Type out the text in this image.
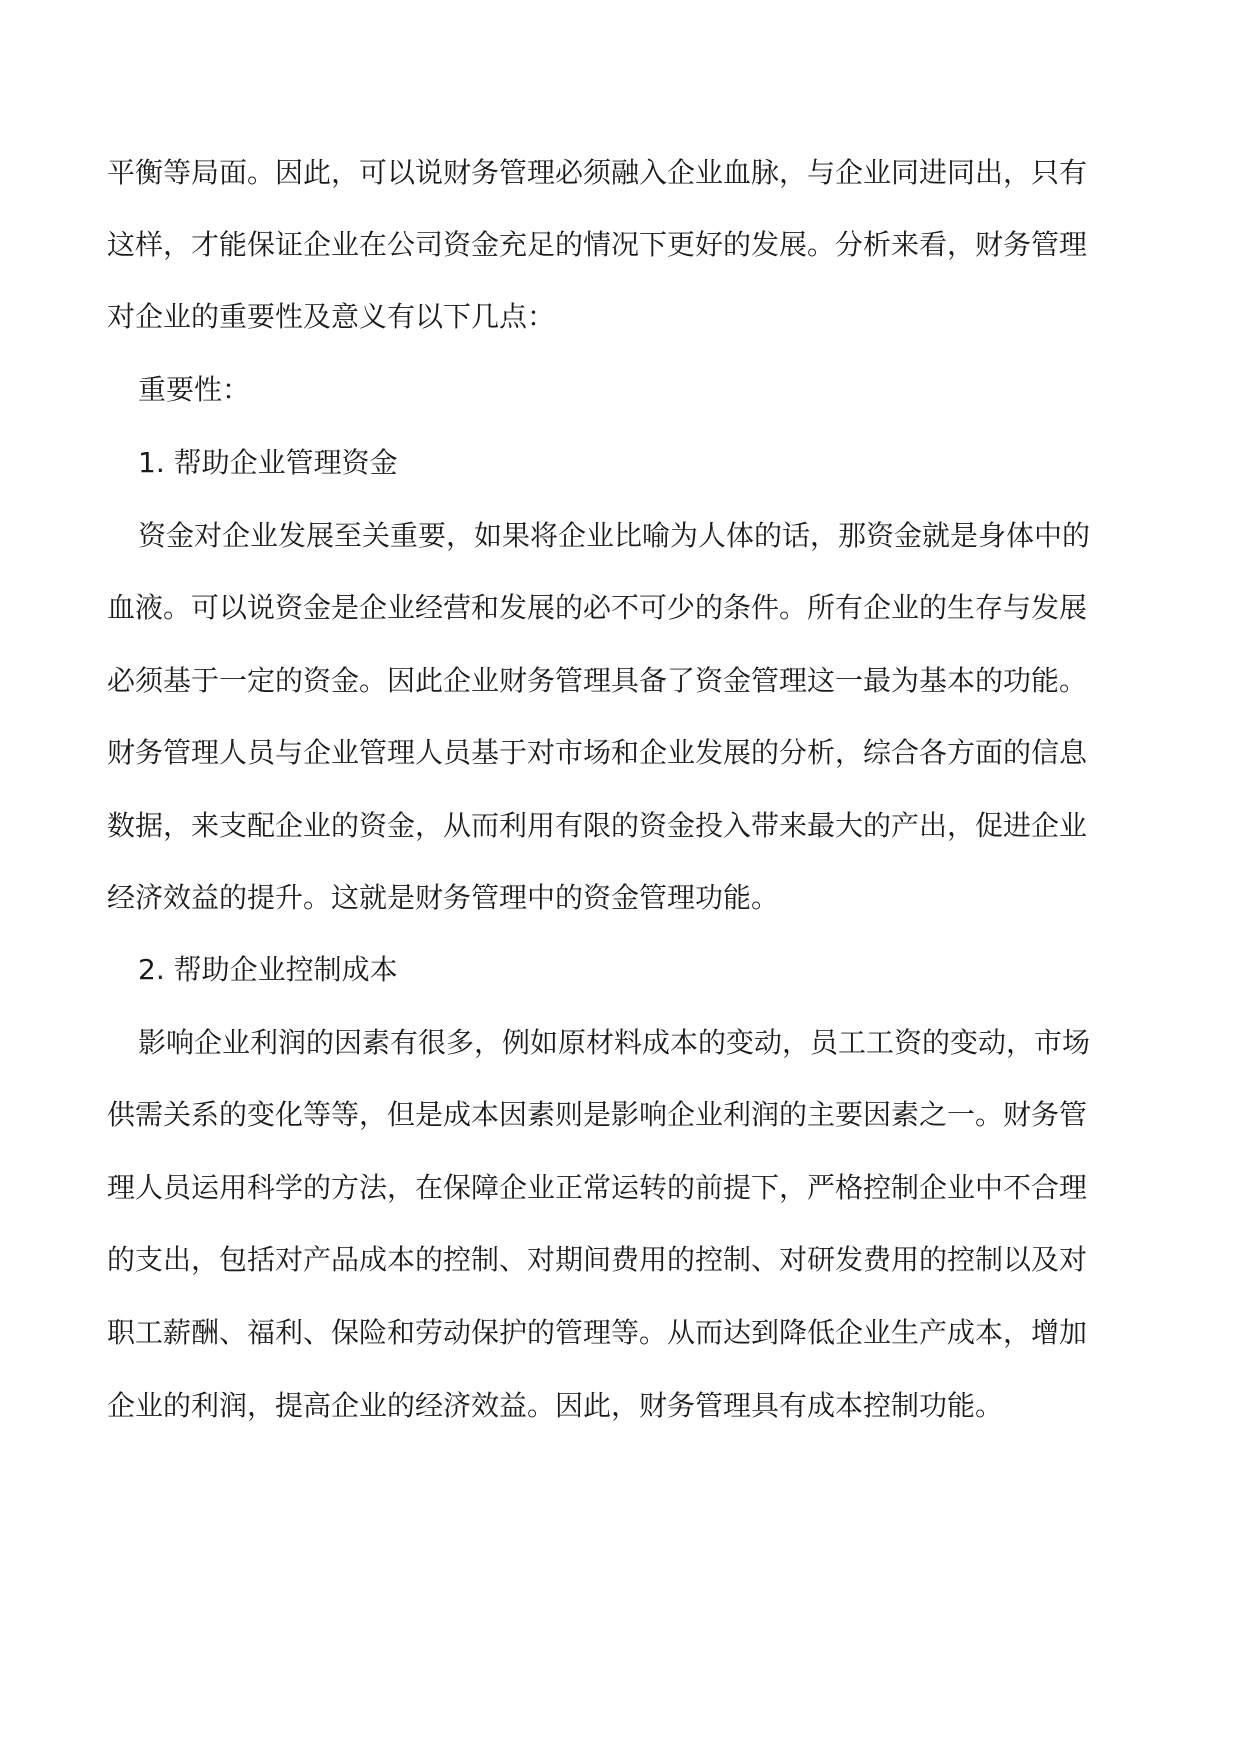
平衡等局面。因此，可以说财务管理必须融入企业血脉，与企业同进同出，只有
这样，才能保证企业在公司资金充足的情况下更好的发展。分析来看，财务管理
对企业的重要性及意义有以下几点：
重要性：
1. 帮助企业管理资金
资金对企业发展至关重要，如果将企业比喻为人体的话，那资金就是身体中的
血液。可以说资金是企业经营和发展的必不可少的条件。所有企业的生存与发展
必须基于一定的资金。因此企业财务管理具备了资金管理这一最为基本的功能。
财务管理人员与企业管理人员基于对市场和企业发展的分析，综合各方面的信息
数据，来支配企业的资金，从而利用有限的资金投入带来最大的产出，促进企业
经济效益的提升。这就是财务管理中的资金管理功能。
2. 帮助企业控制成本
影响企业利润的因素有很多，例如原材料成本的变动，员工工资的变动，市场
供需关系的变化等等，但是成本因素则是影响企业利润的主要因素之一。财务管
理人员运用科学的方法，在保障企业正常运转的前提下，严格控制企业中不合理
的支出，包括对产品成本的控制、对期间费用的控制、对研发费用的控制以及对
职工薪酬、福利、保险和劳动保护的管理等。从而达到降低企业生产成本，增加
企业的利润，提高企业的经济效益。因此，财务管理具有成本控制功能。
